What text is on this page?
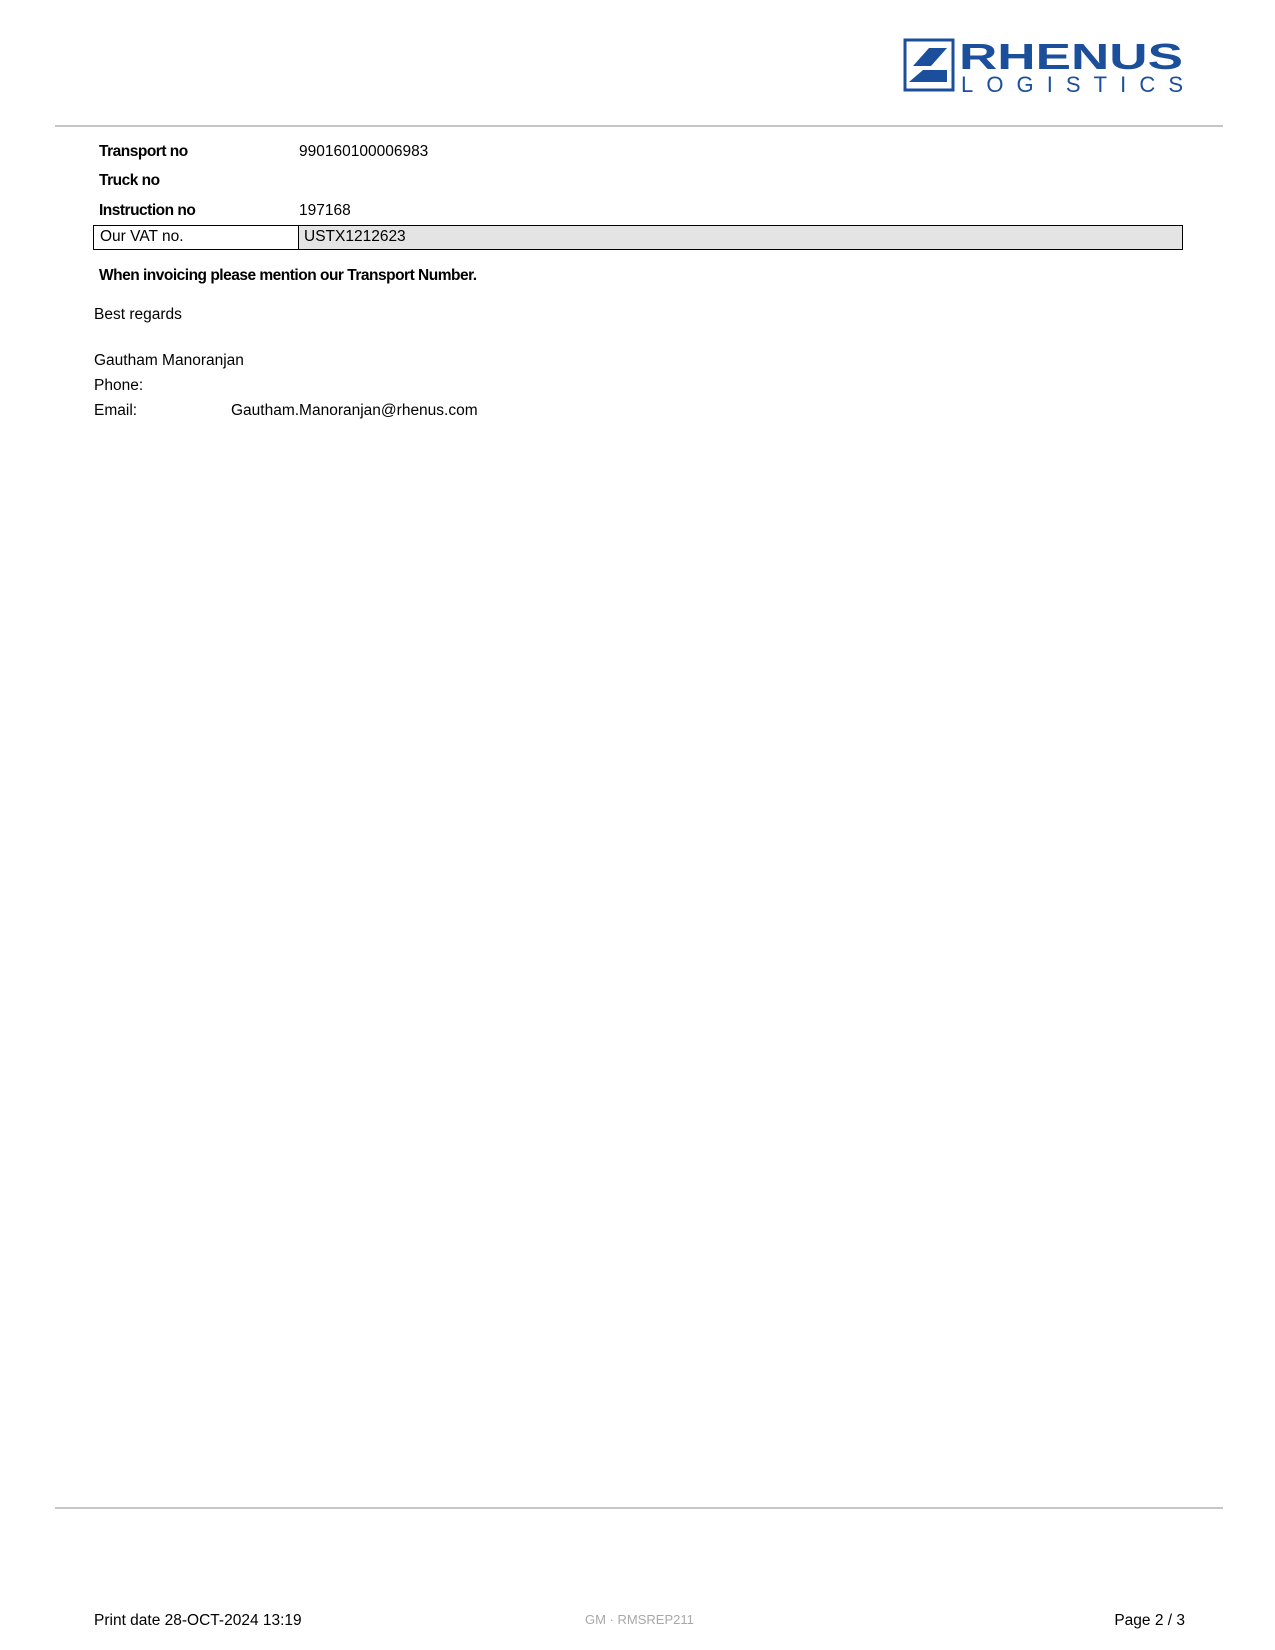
RHENUS
LOGISTICS
Transport no	990160100006983
Truck no
Instruction no	197168
Our VAT no.	USTX1212623
When invoicing please mention our Transport Number.
Best regards
Gautham Manoranjan
Phone:
Email:	Gautham.Manoranjan@rhenus.com
Print date 28-OCT-2024 13:19	GM · RMSREP211	Page 2 / 3
